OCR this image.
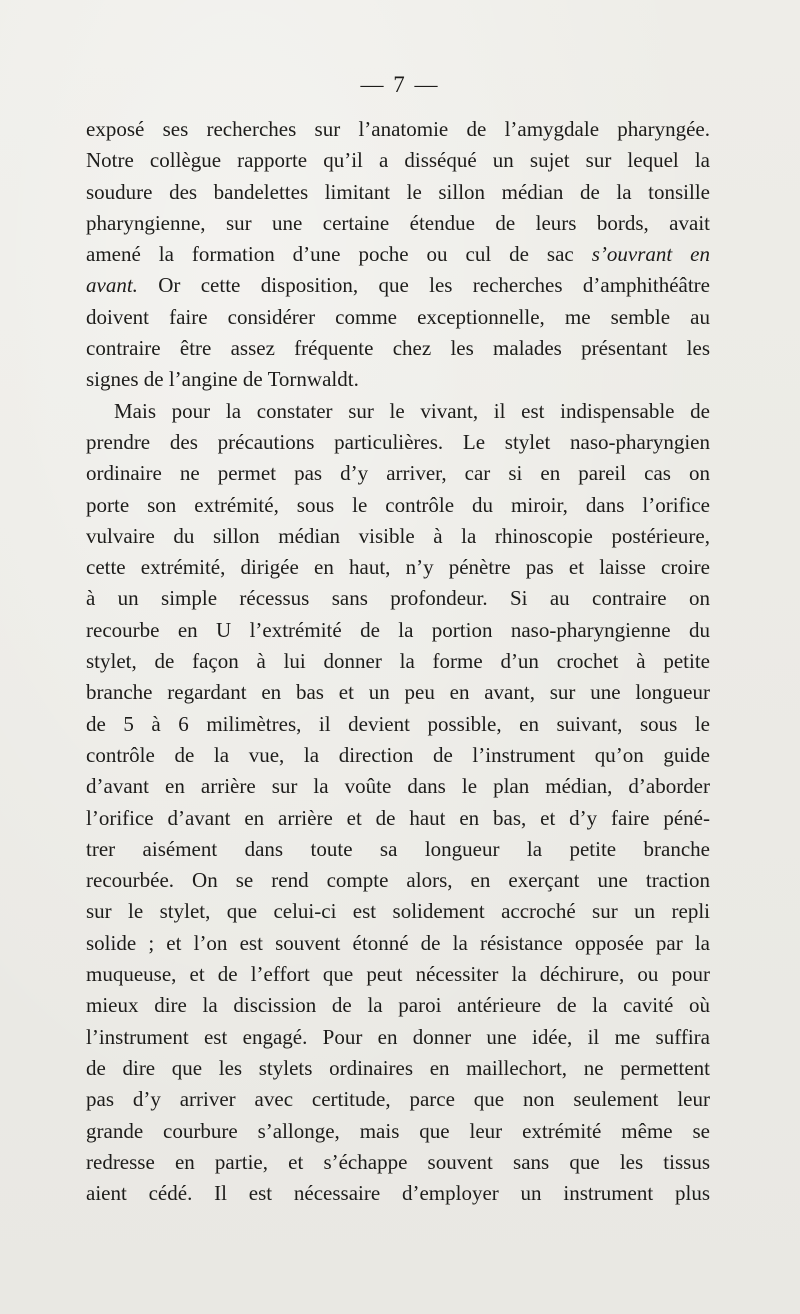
— 7 —

exposé ses recherches sur l’anatomie de l’amygdale pharyngée.
Notre collègue rapporte qu’il a disséqué un sujet sur lequel la
soudure des bandelettes limitant le sillon médian de la tonsille
pharyngienne, sur une certaine étendue de leurs bords, avait
amené la formation d’une poche ou cul de sac s’ouvrant en
avant. Or cette disposition, que les recherches d’amphithéâtre
doivent faire considérer comme exceptionnelle, me semble au
contraire être assez fréquente chez les malades présentant les
signes de l’angine de Tornwaldt.
Mais pour la constater sur le vivant, il est indispensable de
prendre des précautions particulières. Le stylet naso-pharyngien
ordinaire ne permet pas d’y arriver, car si en pareil cas on
porte son extrémité, sous le contrôle du miroir, dans l’orifice
vulvaire du sillon médian visible à la rhinoscopie postérieure,
cette extrémité, dirigée en haut, n’y pénètre pas et laisse croire
à un simple récessus sans profondeur. Si au contraire on
recourbe en U l’extrémité de la portion naso-pharyngienne du
stylet, de façon à lui donner la forme d’un crochet à petite
branche regardant en bas et un peu en avant, sur une longueur
de 5 à 6 milimètres, il devient possible, en suivant, sous le
contrôle de la vue, la direction de l’instrument qu’on guide
d’avant en arrière sur la voûte dans le plan médian, d’aborder
l’orifice d’avant en arrière et de haut en bas, et d’y faire péné-
trer aisément dans toute sa longueur la petite branche
recourbée. On se rend compte alors, en exerçant une traction
sur le stylet, que celui-ci est solidement accroché sur un repli
solide ; et l’on est souvent étonné de la résistance opposée par la
muqueuse, et de l’effort que peut nécessiter la déchirure, ou pour
mieux dire la discission de la paroi antérieure de la cavité où
l’instrument est engagé. Pour en donner une idée, il me suffira
de dire que les stylets ordinaires en maillechort, ne permettent
pas d’y arriver avec certitude, parce que non seulement leur
grande courbure s’allonge, mais que leur extrémité même se
redresse en partie, et s’échappe souvent sans que les tissus
aient cédé. Il est nécessaire d’employer un instrument plus
